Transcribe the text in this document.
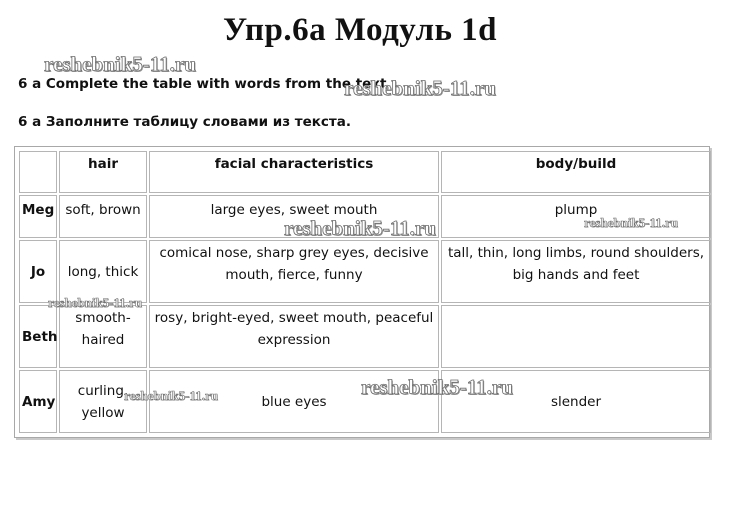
Упр.6а Модуль 1d
6 a Complete the table with words from the text.
6 а Заполните таблицу словами из текста.
	hair	facial characteristics	body/build
Meg	soft, brown	large eyes, sweet mouth	plump
Jo	long, thick	comical nose, sharp grey eyes, decisive mouth, fierce, funny	tall, thin, long limbs, round shoulders, big hands and feet
Beth	smooth-haired	rosy, bright-eyed, sweet mouth, peaceful expression	
Amy	curling, yellow	blue eyes	slender
reshebnik5-11.ru
reshebnik5-11.ru
reshebnik5-11.ru	reshebnik5-11.ru
reshebnik5-11.ru
reshebnik5-11.ru	reshebnik5-11.ru
